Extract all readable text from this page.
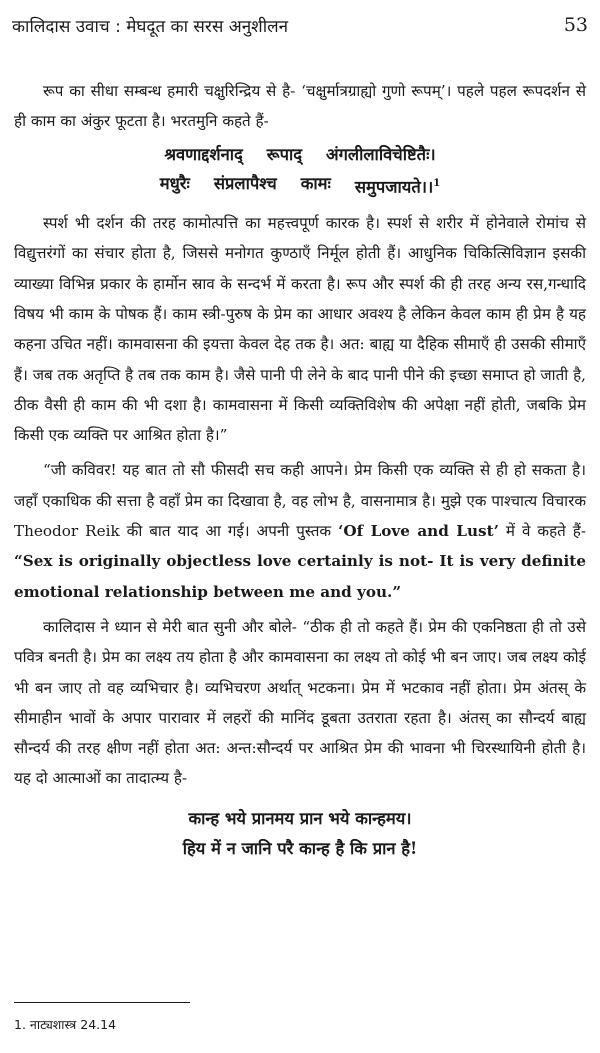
कालिदास उवाच : मेघदूत का सरस अनुशीलन	53

रूप का सीधा सम्बन्ध हमारी चक्षुरिन्द्रिय से है- ‘चक्षुर्मात्रग्राह्यो गुणो रूपम्’। पहले पहल रूपदर्शन से ही काम का अंकुर फूटता है। भरतमुनि कहते हैं-

श्रवणाद्दर्शनाद् रूपाद् अंगलीलाविचेष्टितैः।
मधुरैः संप्रलापैश्च कामः समुपजायते।।$^1$

स्पर्श भी दर्शन की तरह कामोत्पत्ति का महत्त्वपूर्ण कारक है। स्पर्श से शरीर में होनेवाले रोमांच से विद्युत्तरंगों का संचार होता है, जिससे मनोगत कुण्ठाएँ निर्मूल होती हैं। आधुनिक चिकित्सिविज्ञान इसकी व्याख्या विभिन्न प्रकार के हार्मोन स्राव के सन्दर्भ में करता है। रूप और स्पर्श की ही तरह अन्य रस,गन्धादि विषय भी काम के पोषक हैं। काम स्त्री-पुरुष के प्रेम का आधार अवश्य है लेकिन केवल काम ही प्रेम है यह कहना उचित नहीं। कामवासना की इयत्ता केवल देह तक है। अत: बाह्य या दैहिक सीमाएँ ही उसकी सीमाएँ हैं। जब तक अतृप्ति है तब तक काम है। जैसे पानी पी लेने के बाद पानी पीने की इच्छा समाप्त हो जाती है, ठीक वैसी ही काम की भी दशा है। कामवासना में किसी व्यक्तिविशेष की अपेक्षा नहीं होती, जबकि प्रेम किसी एक व्यक्ति पर आश्रित होता है।”

“जी कविवर! यह बात तो सौ फीसदी सच कही आपने। प्रेम किसी एक व्यक्ति से ही हो सकता है। जहाँ एकाधिक की सत्ता है वहाँ प्रेम का दिखावा है, वह लोभ है, वासनामात्र है। मुझे एक पाश्चात्य विचारक Theodor Reik की बात याद आ गई। अपनी पुस्तक ‘Of Love and Lust’ में वे कहते हैं- “Sex is originally objectless love certainly is not- It is very definite emotional relationship between me and you.”

कालिदास ने ध्यान से मेरी बात सुनी और बोले- “ठीक ही तो कहते हैं। प्रेम की एकनिष्ठता ही तो उसे पवित्र बनती है। प्रेम का लक्ष्य तय होता है और कामवासना का लक्ष्य तो कोई भी बन जाए। जब लक्ष्य कोई भी बन जाए तो वह व्यभिचार है। व्यभिचरण अर्थात् भटकना। प्रेम में भटकाव नहीं होता। प्रेम अंतस् के सीमाहीन भावों के अपार पारावार में लहरों की मानिंद डूबता उतराता रहता है। अंतस् का सौन्दर्य बाह्य सौन्दर्य की तरह क्षीण नहीं होता अत: अन्त:सौन्दर्य पर आश्रित प्रेम की भावना भी चिरस्थायिनी होती है। यह दो आत्माओं का तादात्म्य है-

कान्ह भये प्रानमय प्रान भये कान्हमय।
हिय में न जानि परै कान्ह है कि प्रान है!
1. नाट्यशास्त्र 24.14
